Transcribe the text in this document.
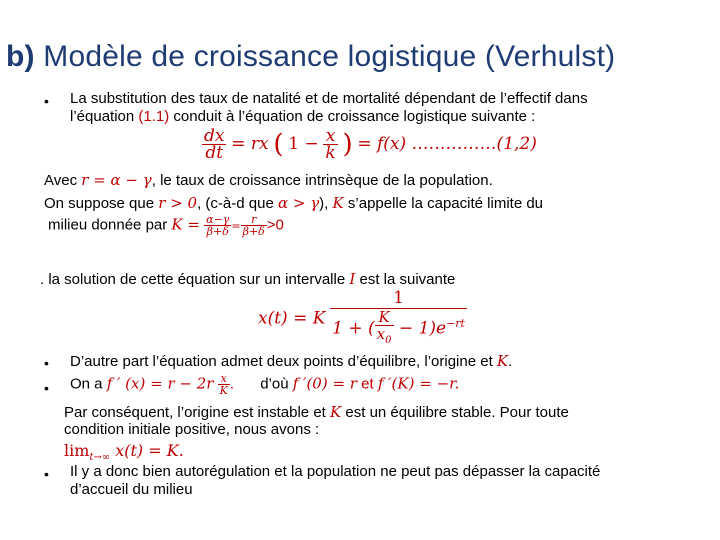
b) Modèle de croissance logistique (Verhulst)
• La substitution des taux de natalité et de mortalité dépendant de l’effectif dans
l’équation (1.1) conduit à l’équation de croissance logistique suivante :
$\frac{dx}{dt}$ = rx ( $1 - \frac{x}{k}$ ) = f(x) ……………(1,2)
Avec r = α − γ, le taux de croissance intrinsèque de la population.
On suppose que r > 0, (c-à-d que α > γ), K s’appelle la capacité limite du
milieu donnée par $K = \frac{\alpha-\gamma}{\beta+\delta} = \frac{r}{\beta+\delta} >0$
. la solution de cette équation sur un intervalle I est la suivante
x(t) = K $\frac{1}{1 + ( \frac{K}{x_0} - 1)e^{-rt}}$
• D’autre part l’équation admet deux points d’équilibre, l’origine et K.
• On a f ′ $(x) = r - 2r \frac{x}{K}$ . d’où f ′(0) = r et f ′(K) = −r.
Par conséquent, l’origine est instable et K est un équilibre stable. Pour toute
condition initiale positive, nous avons :
$\lim_{t\to\infty} x(t) = K$.
• Il y a donc bien autorégulation et la population ne peut pas dépasser la capacité
d’accueil du milieu
